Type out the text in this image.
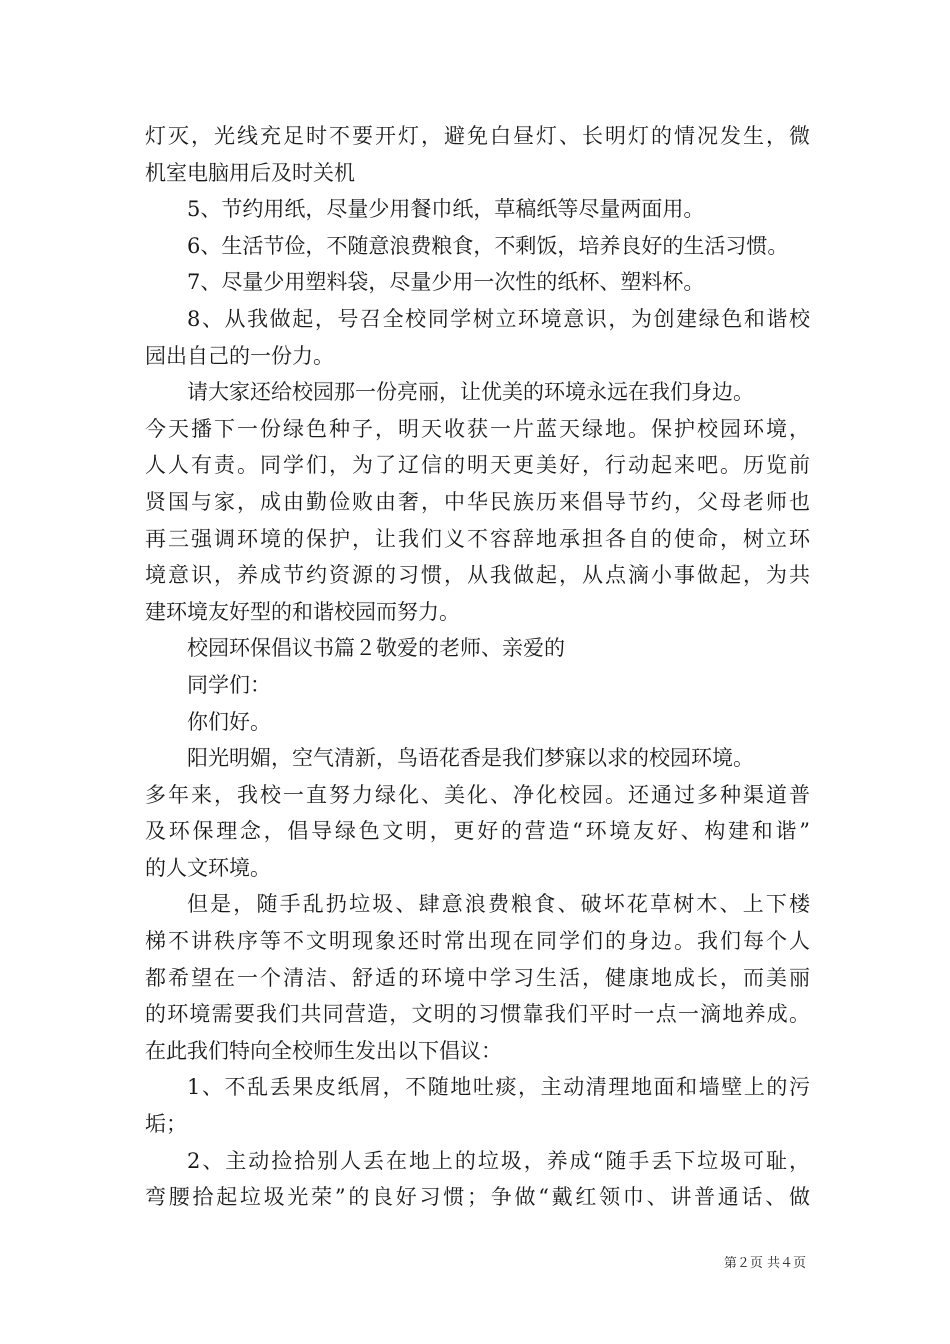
灯灭，光线充足时不要开灯，避免白昼灯、长明灯的情况发生，微
机室电脑用后及时关机
5、节约用纸，尽量少用餐巾纸，草稿纸等尽量两面用。
6、生活节俭，不随意浪费粮食，不剩饭，培养良好的生活习惯。
7、尽量少用塑料袋，尽量少用一次性的纸杯、塑料杯。
8、从我做起，号召全校同学树立环境意识，为创建绿色和谐校
园出自己的一份力。
请大家还给校园那一份亮丽，让优美的环境永远在我们身边。
今天播下一份绿色种子，明天收获一片蓝天绿地。保护校园环境，
人人有责。同学们，为了辽信的明天更美好，行动起来吧。历览前
贤国与家，成由勤俭败由奢，中华民族历来倡导节约，父母老师也
再三强调环境的保护，让我们义不容辞地承担各自的使命，树立环
境意识，养成节约资源的习惯，从我做起，从点滴小事做起，为共
建环境友好型的和谐校园而努力。
校园环保倡议书篇２敬爱的老师、亲爱的
同学们：
你们好。
阳光明媚，空气清新，鸟语花香是我们梦寐以求的校园环境。
多年来，我校一直努力绿化、美化、净化校园。还通过多种渠道普
及环保理念，倡导绿色文明，更好的营造“环境友好、构建和谐”
的人文环境。
但是，随手乱扔垃圾、肆意浪费粮食、破坏花草树木、上下楼
梯不讲秩序等不文明现象还时常出现在同学们的身边。我们每个人
都希望在一个清洁、舒适的环境中学习生活，健康地成长，而美丽
的环境需要我们共同营造，文明的习惯靠我们平时一点一滴地养成。
在此我们特向全校师生发出以下倡议：
1、不乱丢果皮纸屑，不随地吐痰，主动清理地面和墙壁上的污
垢；
2、主动捡拾别人丢在地上的垃圾，养成“随手丢下垃圾可耻，
弯腰拾起垃圾光荣”的良好习惯；争做“戴红领巾、讲普通话、做
第２页 共４页
